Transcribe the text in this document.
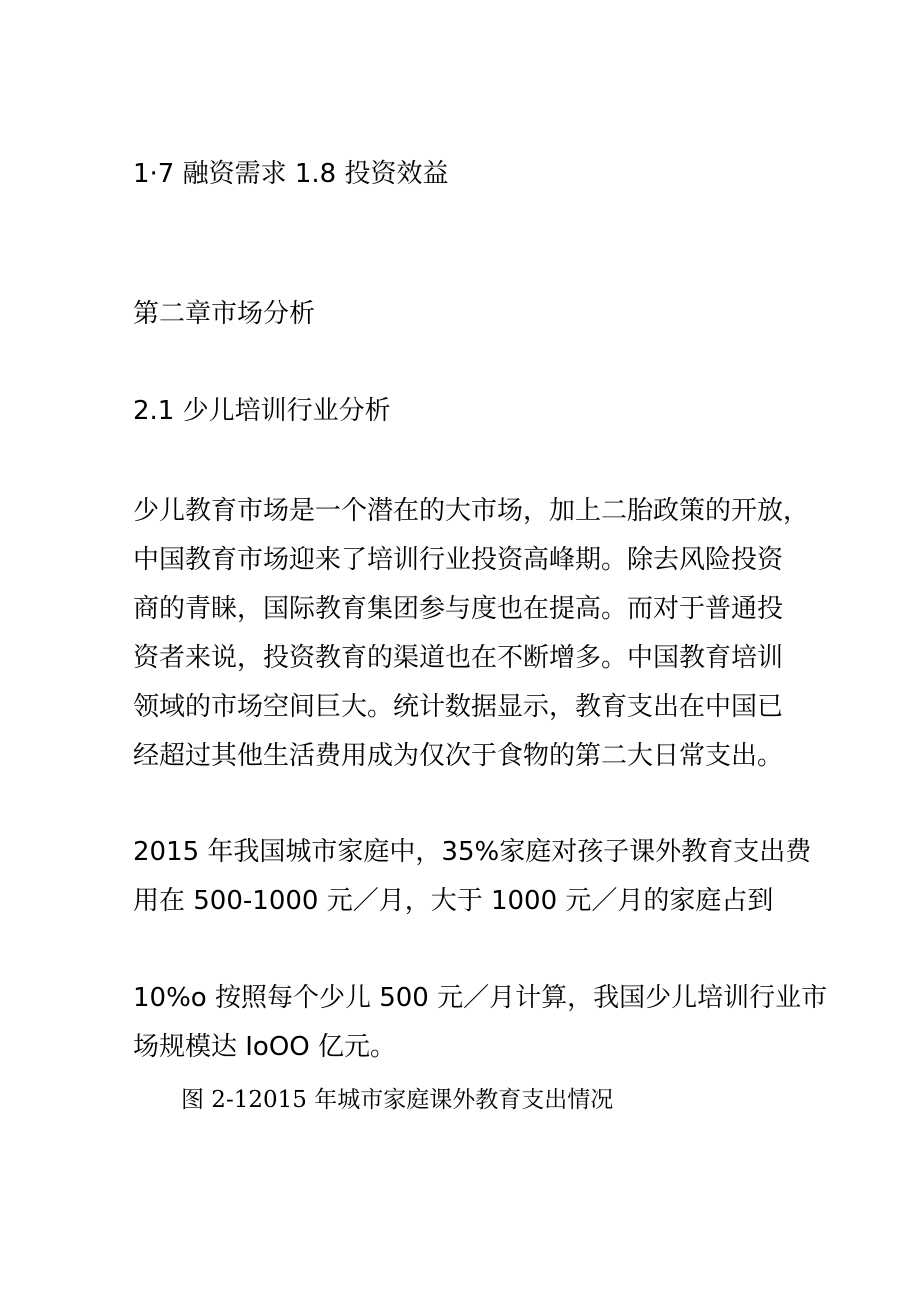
1·7 融资需求 1.8 投资效益

第二章市场分析
2.1 少儿培训行业分析

少儿教育市场是一个潜在的大市场，加上二胎政策的开放，
中国教育市场迎来了培训行业投资高峰期。除去风险投资
商的青睐，国际教育集团参与度也在提高。而对于普通投
资者来说，投资教育的渠道也在不断增多。中国教育培训
领域的市场空间巨大。统计数据显示，教育支出在中国已
经超过其他生活费用成为仅次于食物的第二大日常支出。

2015 年我国城市家庭中，35%家庭对孩子课外教育支出费
用在 500-1000 元／月，大于 1000 元／月的家庭占到

10%o 按照每个少儿 500 元／月计算，我国少儿培训行业市
场规模达 IoOO 亿元。

图 2-12015 年城市家庭课外教育支出情况
